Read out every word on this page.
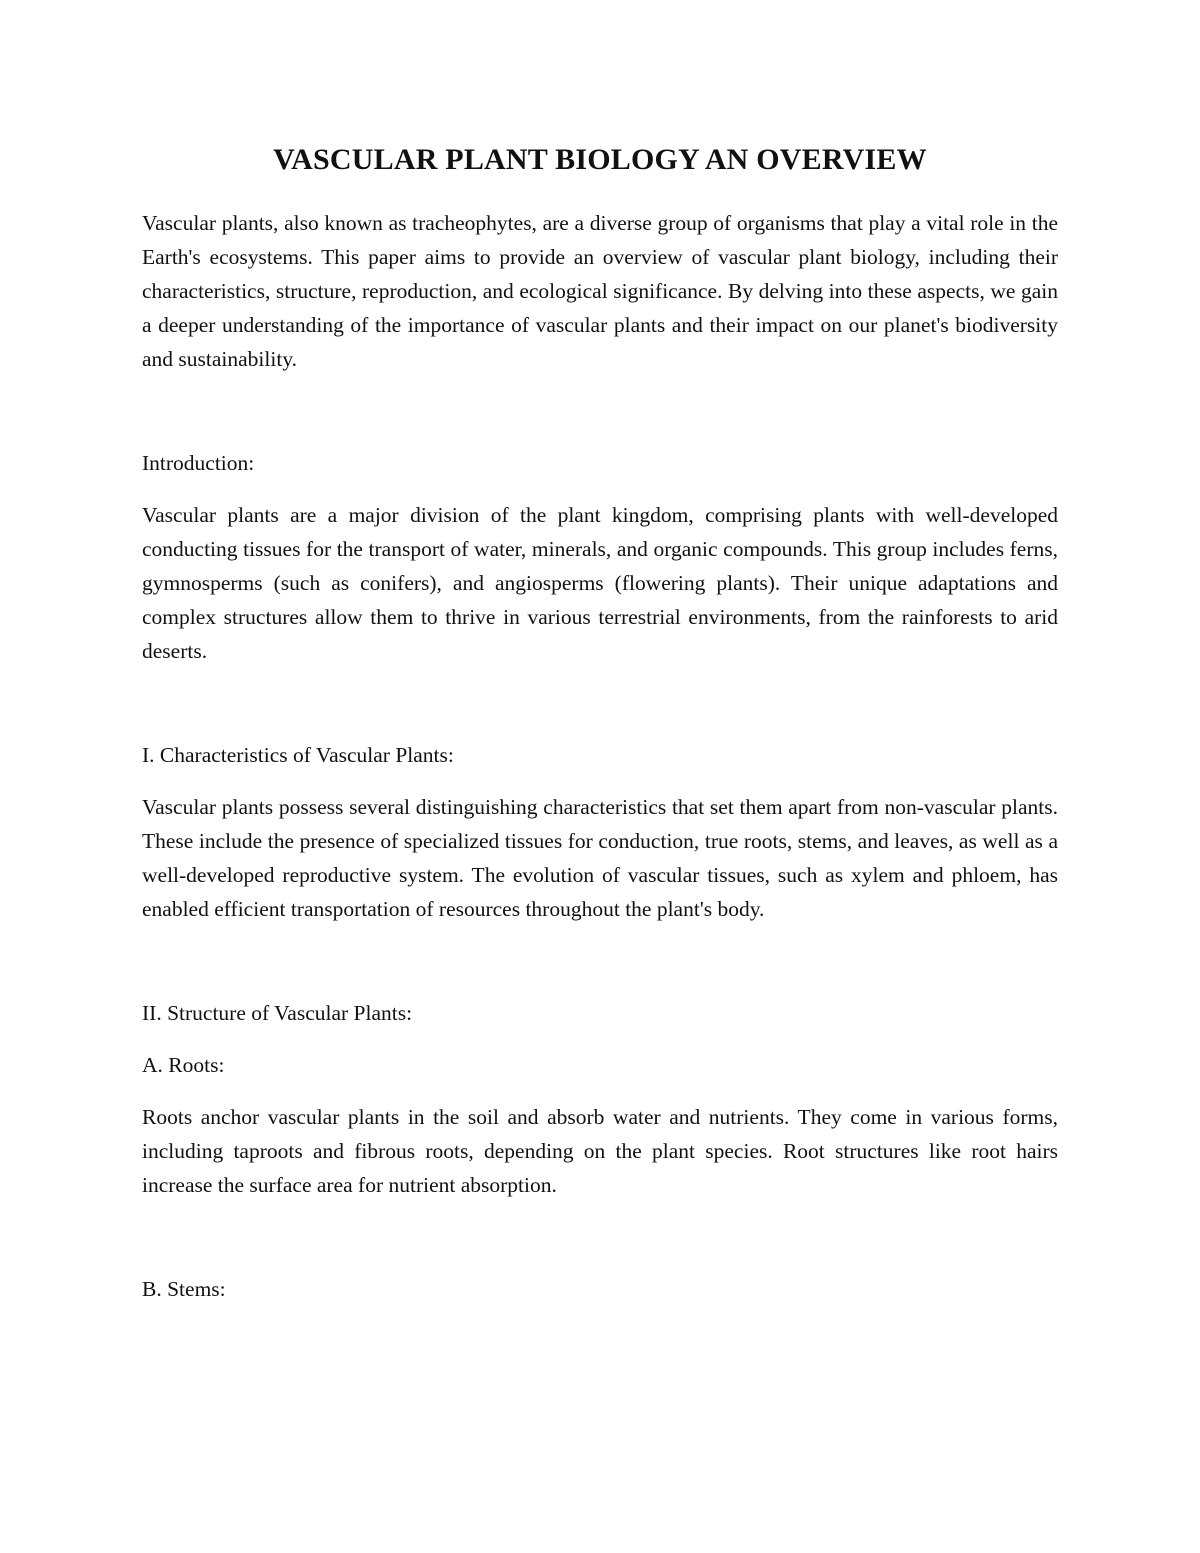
VASCULAR PLANT BIOLOGY AN OVERVIEW

Vascular plants, also known as tracheophytes, are a diverse group of organisms that play a vital role in the Earth's ecosystems. This paper aims to provide an overview of vascular plant biology, including their characteristics, structure, reproduction, and ecological significance. By delving into these aspects, we gain a deeper understanding of the importance of vascular plants and their impact on our planet's biodiversity and sustainability.

Introduction:

Vascular plants are a major division of the plant kingdom, comprising plants with well-developed conducting tissues for the transport of water, minerals, and organic compounds. This group includes ferns, gymnosperms (such as conifers), and angiosperms (flowering plants). Their unique adaptations and complex structures allow them to thrive in various terrestrial environments, from the rainforests to arid deserts.

I. Characteristics of Vascular Plants:

Vascular plants possess several distinguishing characteristics that set them apart from non-vascular plants. These include the presence of specialized tissues for conduction, true roots, stems, and leaves, as well as a well-developed reproductive system. The evolution of vascular tissues, such as xylem and phloem, has enabled efficient transportation of resources throughout the plant's body.

II. Structure of Vascular Plants:

A. Roots:

Roots anchor vascular plants in the soil and absorb water and nutrients. They come in various forms, including taproots and fibrous roots, depending on the plant species. Root structures like root hairs increase the surface area for nutrient absorption.

B. Stems:
